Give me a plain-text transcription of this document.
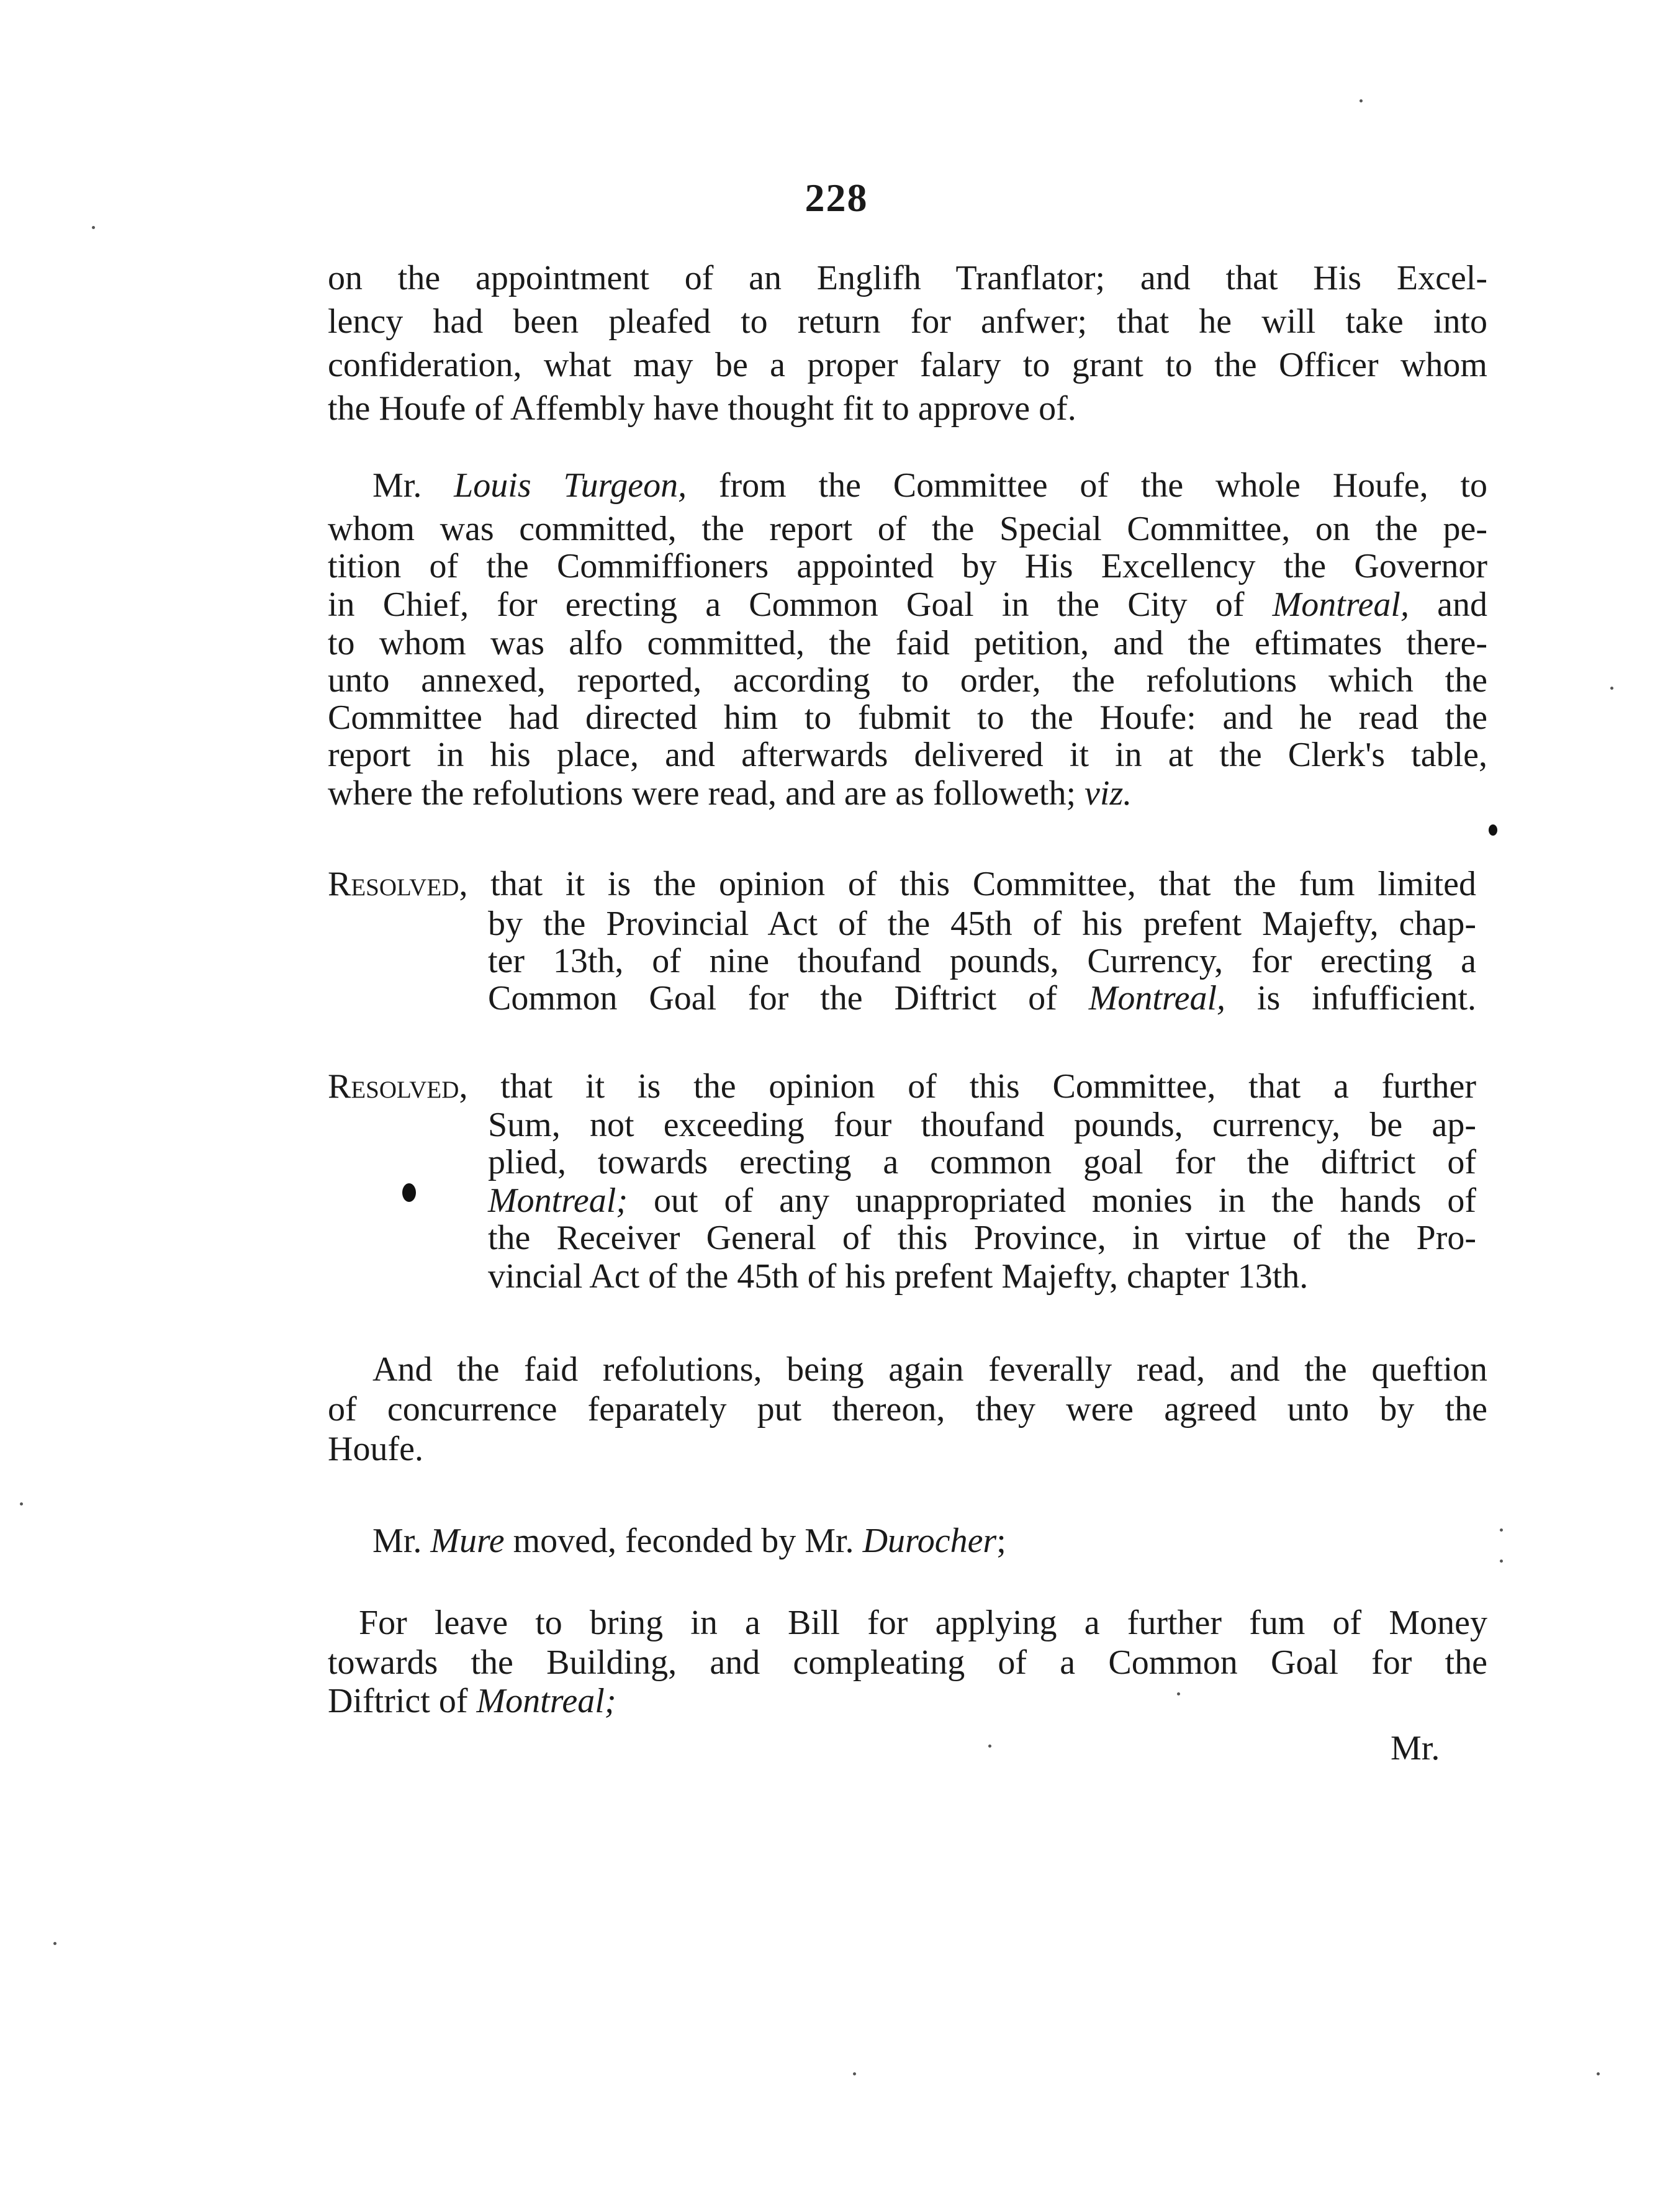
228
on the appointment of an Englifh Tranflator; and that His Excel-
lency had been pleafed to return for anfwer; that he will take into
confideration, what may be a proper falary to grant to the Officer whom
the Houfe of Affembly have thought fit to approve of.
Mr. Louis Turgeon, from the Committee of the whole Houfe, to
whom was committed, the report of the Special Committee, on the pe-
tition of the Commiffioners appointed by His Excellency the Governor
in Chief, for erecting a Common Goal in the City of Montreal, and
to whom was alfo committed, the faid petition, and the eftimates there-
unto annexed, reported, according to order, the refolutions which the
Committee had directed him to fubmit to the Houfe: and he read the
report in his place, and afterwards delivered it in at the Clerk's table,
where the refolutions were read, and are as followeth; viz.
Resolved, that it is the opinion of this Committee, that the fum limited
by the Provincial Act of the 45th of his prefent Majefty, chap-
ter 13th, of nine thoufand pounds, Currency, for erecting a
Common Goal for the Diftrict of Montreal, is infufficient.
Resolved, that it is the opinion of this Committee, that a further
Sum, not exceeding four thoufand pounds, currency, be ap-
plied, towards erecting a common goal for the diftrict of
Montreal; out of any unappropriated monies in the hands of
the Receiver General of this Province, in virtue of the Pro-
vincial Act of the 45th of his prefent Majefty, chapter 13th.
And the faid refolutions, being again feverally read, and the queftion
of concurrence feparately put thereon, they were agreed unto by the
Houfe.
Mr. Mure moved, feconded by Mr. Durocher;
For leave to bring in a Bill for applying a further fum of Money
towards the Building, and compleating of a Common Goal for the
Diftrict of Montreal;
Mr.
